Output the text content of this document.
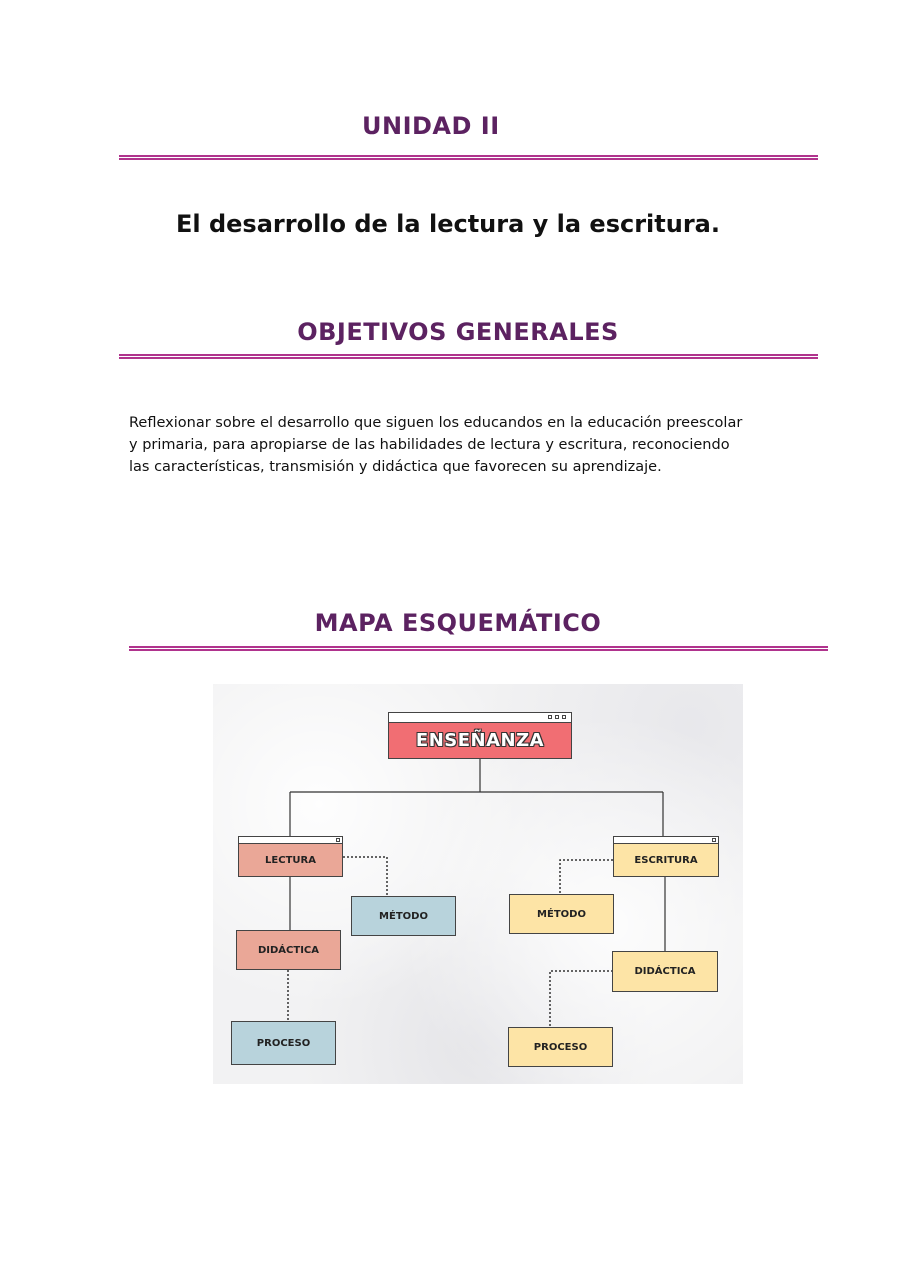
UNIDAD II
El desarrollo de la lectura y la escritura.
OBJETIVOS GENERALES

Reflexionar sobre el desarrollo que siguen los educandos en la educación preescolar
y primaria, para apropiarse de las habilidades de lectura y escritura, reconociendo
las características, transmisión y didáctica que favorecen su aprendizaje.

MAPA ESQUEMÁTICO
ENSEÑANZA
LECTURA
MÉTODO
DIDÁCTICA
PROCESO
ESCRITURA
MÉTODO
DIDÁCTICA
PROCESO
